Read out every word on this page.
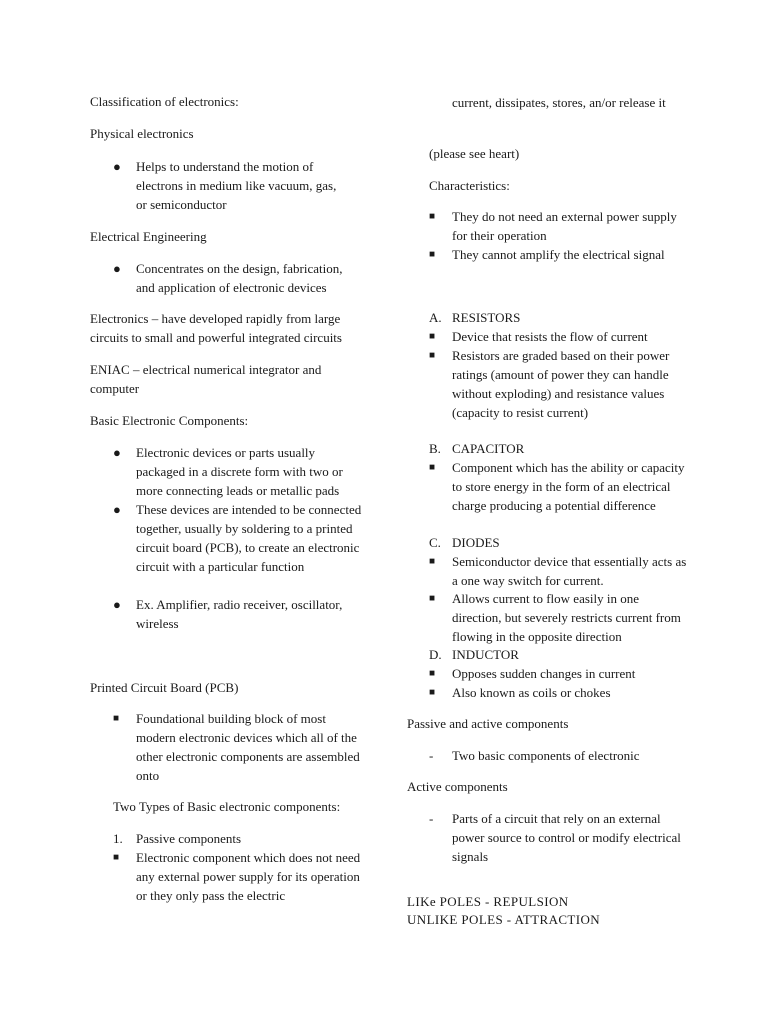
Classification of electronics:

Physical electronics

● Helps to understand the motion of electrons in medium like vacuum, gas, or semiconductor

Electrical Engineering

● Concentrates on the design, fabrication, and application of electronic devices

Electronics – have developed rapidly from large circuits to small and powerful integrated circuits

ENIAC – electrical numerical integrator and computer

Basic Electronic Components:

● Electronic devices or parts usually packaged in a discrete form with two or more connecting leads or metallic pads
● These devices are intended to be connected together, usually by soldering to a printed circuit board (PCB), to create an electronic circuit with a particular function
● Ex. Amplifier, radio receiver, oscillator, wireless

Printed Circuit Board (PCB)

■ Foundational building block of most modern electronic devices which all of the other electronic components are assembled onto

Two Types of Basic electronic components:

1. Passive components
■ Electronic component which does not need any external power supply for its operation or they only pass the electric

current, dissipates, stores, an/or release it

(please see heart)

Characteristics:

■ They do not need an external power supply for their operation
■ They cannot amplify the electrical signal
A. RESISTORS
■ Device that resists the flow of current
■ Resistors are graded based on their power ratings (amount of power they can handle without exploding) and resistance values (capacity to resist current)
B. CAPACITOR
■ Component which has the ability or capacity to store energy in the form of an electrical charge producing a potential difference
C. DIODES
■ Semiconductor device that essentially acts as a one way switch for current.
■ Allows current to flow easily in one direction, but severely restricts current from flowing in the opposite direction
D. INDUCTOR
■ Opposes sudden changes in current
■ Also known as coils or chokes

Passive and active components

- Two basic components of electronic

Active components

- Parts of a circuit that rely on an external power source to control or modify electrical signals

LIKe POLES - REPULSION

UNLIKE POLES - ATTRACTION
